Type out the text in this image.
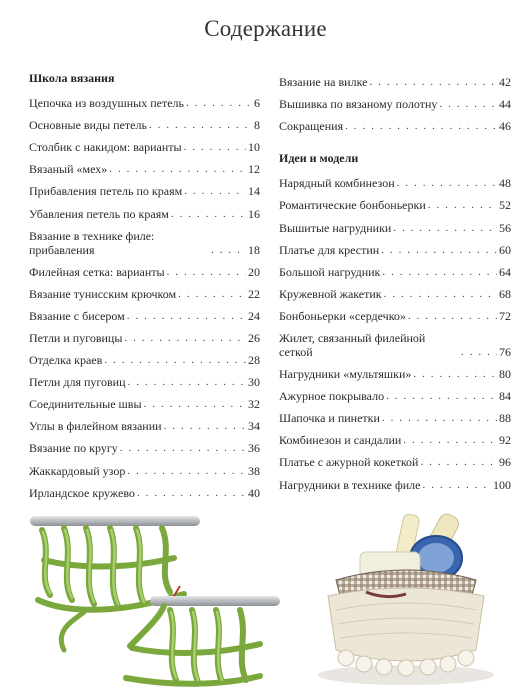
Содержание
Школа вязания
Цепочка из воздушных петель . . .	6
Основные виды петель . . .	8
Столбик с накидом: варианты . . .	10
Вязаный «мех» . . .	12
Прибавления петель по краям . . .	14
Убавления петель по краям . . .	16
Вязание в технике филе: прибавления . . .	18
Филейная сетка: варианты . . .	20
Вязание тунисским крючком . . .	22
Вязание с бисером . . .	24
Петли и пуговицы . . .	26
Отделка краев . . .	28
Петли для пуговиц . . .	30
Соединительные швы . . .	32
Углы в филейном вязании . . .	34
Вязание по кругу . . .	36
Жаккардовый узор . . .	38
Ирландское кружево . . .	40
Вязание на вилке . . .	42
Вышивка по вязаному полотну . . .	44
Сокращения . . .	46
Идеи и модели
Нарядный комбинезон . . .	48
Романтические бонбоньерки . . .	52
Вышитые нагрудники . . .	56
Платье для крестин . . .	60
Большой нагрудник . . .	64
Кружевной жакетик . . .	68
Бонбоньерки «сердечко» . . .	72
Жилет, связанный филейной сеткой . . .	76
Нагрудники «мультяшки» . . .	80
Ажурное покрывало . . .	84
Шапочка и пинетки . . .	88
Комбинезон и сандалии . . .	92
Платье с ажурной кокеткой . . .	96
Нагрудники в технике филе . . .	100
